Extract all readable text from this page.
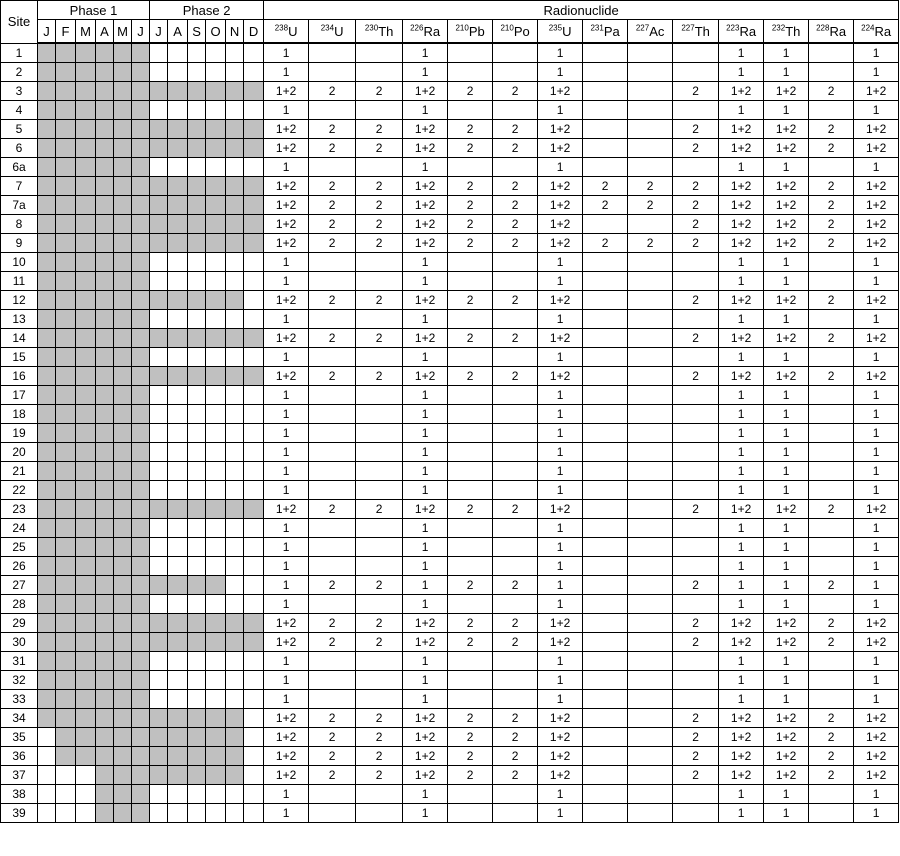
Site	Phase 1						Phase 2						Radionuclide													
	J	F	M	A	M	J	J	A	S	O	N	D	$^{238}$U	$^{234}$U	$^{230}$Th	$^{226}$Ra	$^{210}$Pb	$^{210}$Po	$^{235}$U	$^{231}$Pa	$^{227}$Ac	$^{227}$Th	$^{223}$Ra	$^{232}$Th	$^{228}$Ra	$^{224}$Ra
1													1			1			1				1	1		1
2													1			1			1				1	1		1
3													1+2	2	2	1+2	2	2	1+2			2	1+2	1+2	2	1+2
4													1			1			1				1	1		1
5													1+2	2	2	1+2	2	2	1+2			2	1+2	1+2	2	1+2
6													1+2	2	2	1+2	2	2	1+2			2	1+2	1+2	2	1+2
6a													1			1			1				1	1		1
7													1+2	2	2	1+2	2	2	1+2	2	2	2	1+2	1+2	2	1+2
7a													1+2	2	2	1+2	2	2	1+2	2	2	2	1+2	1+2	2	1+2
8													1+2	2	2	1+2	2	2	1+2			2	1+2	1+2	2	1+2
9													1+2	2	2	1+2	2	2	1+2	2	2	2	1+2	1+2	2	1+2
10													1			1			1				1	1		1
11													1			1			1				1	1		1
12													1+2	2	2	1+2	2	2	1+2			2	1+2	1+2	2	1+2
13													1			1			1				1	1		1
14													1+2	2	2	1+2	2	2	1+2			2	1+2	1+2	2	1+2
15													1			1			1				1	1		1
16													1+2	2	2	1+2	2	2	1+2			2	1+2	1+2	2	1+2
17													1			1			1				1	1		1
18													1			1			1				1	1		1
19													1			1			1				1	1		1
20													1			1			1				1	1		1
21													1			1			1				1	1		1
22													1			1			1				1	1		1
23													1+2	2	2	1+2	2	2	1+2			2	1+2	1+2	2	1+2
24													1			1			1				1	1		1
25													1			1			1				1	1		1
26													1			1			1				1	1		1
27													1	2	2	1	2	2	1			2	1	1	2	1
28													1			1			1				1	1		1
29													1+2	2	2	1+2	2	2	1+2			2	1+2	1+2	2	1+2
30													1+2	2	2	1+2	2	2	1+2			2	1+2	1+2	2	1+2
31													1			1			1				1	1		1
32													1			1			1				1	1		1
33													1			1			1				1	1		1
34													1+2	2	2	1+2	2	2	1+2			2	1+2	1+2	2	1+2
35													1+2	2	2	1+2	2	2	1+2			2	1+2	1+2	2	1+2
36													1+2	2	2	1+2	2	2	1+2			2	1+2	1+2	2	1+2
37													1+2	2	2	1+2	2	2	1+2			2	1+2	1+2	2	1+2
38													1			1			1				1	1		1
39													1			1			1				1	1		1
